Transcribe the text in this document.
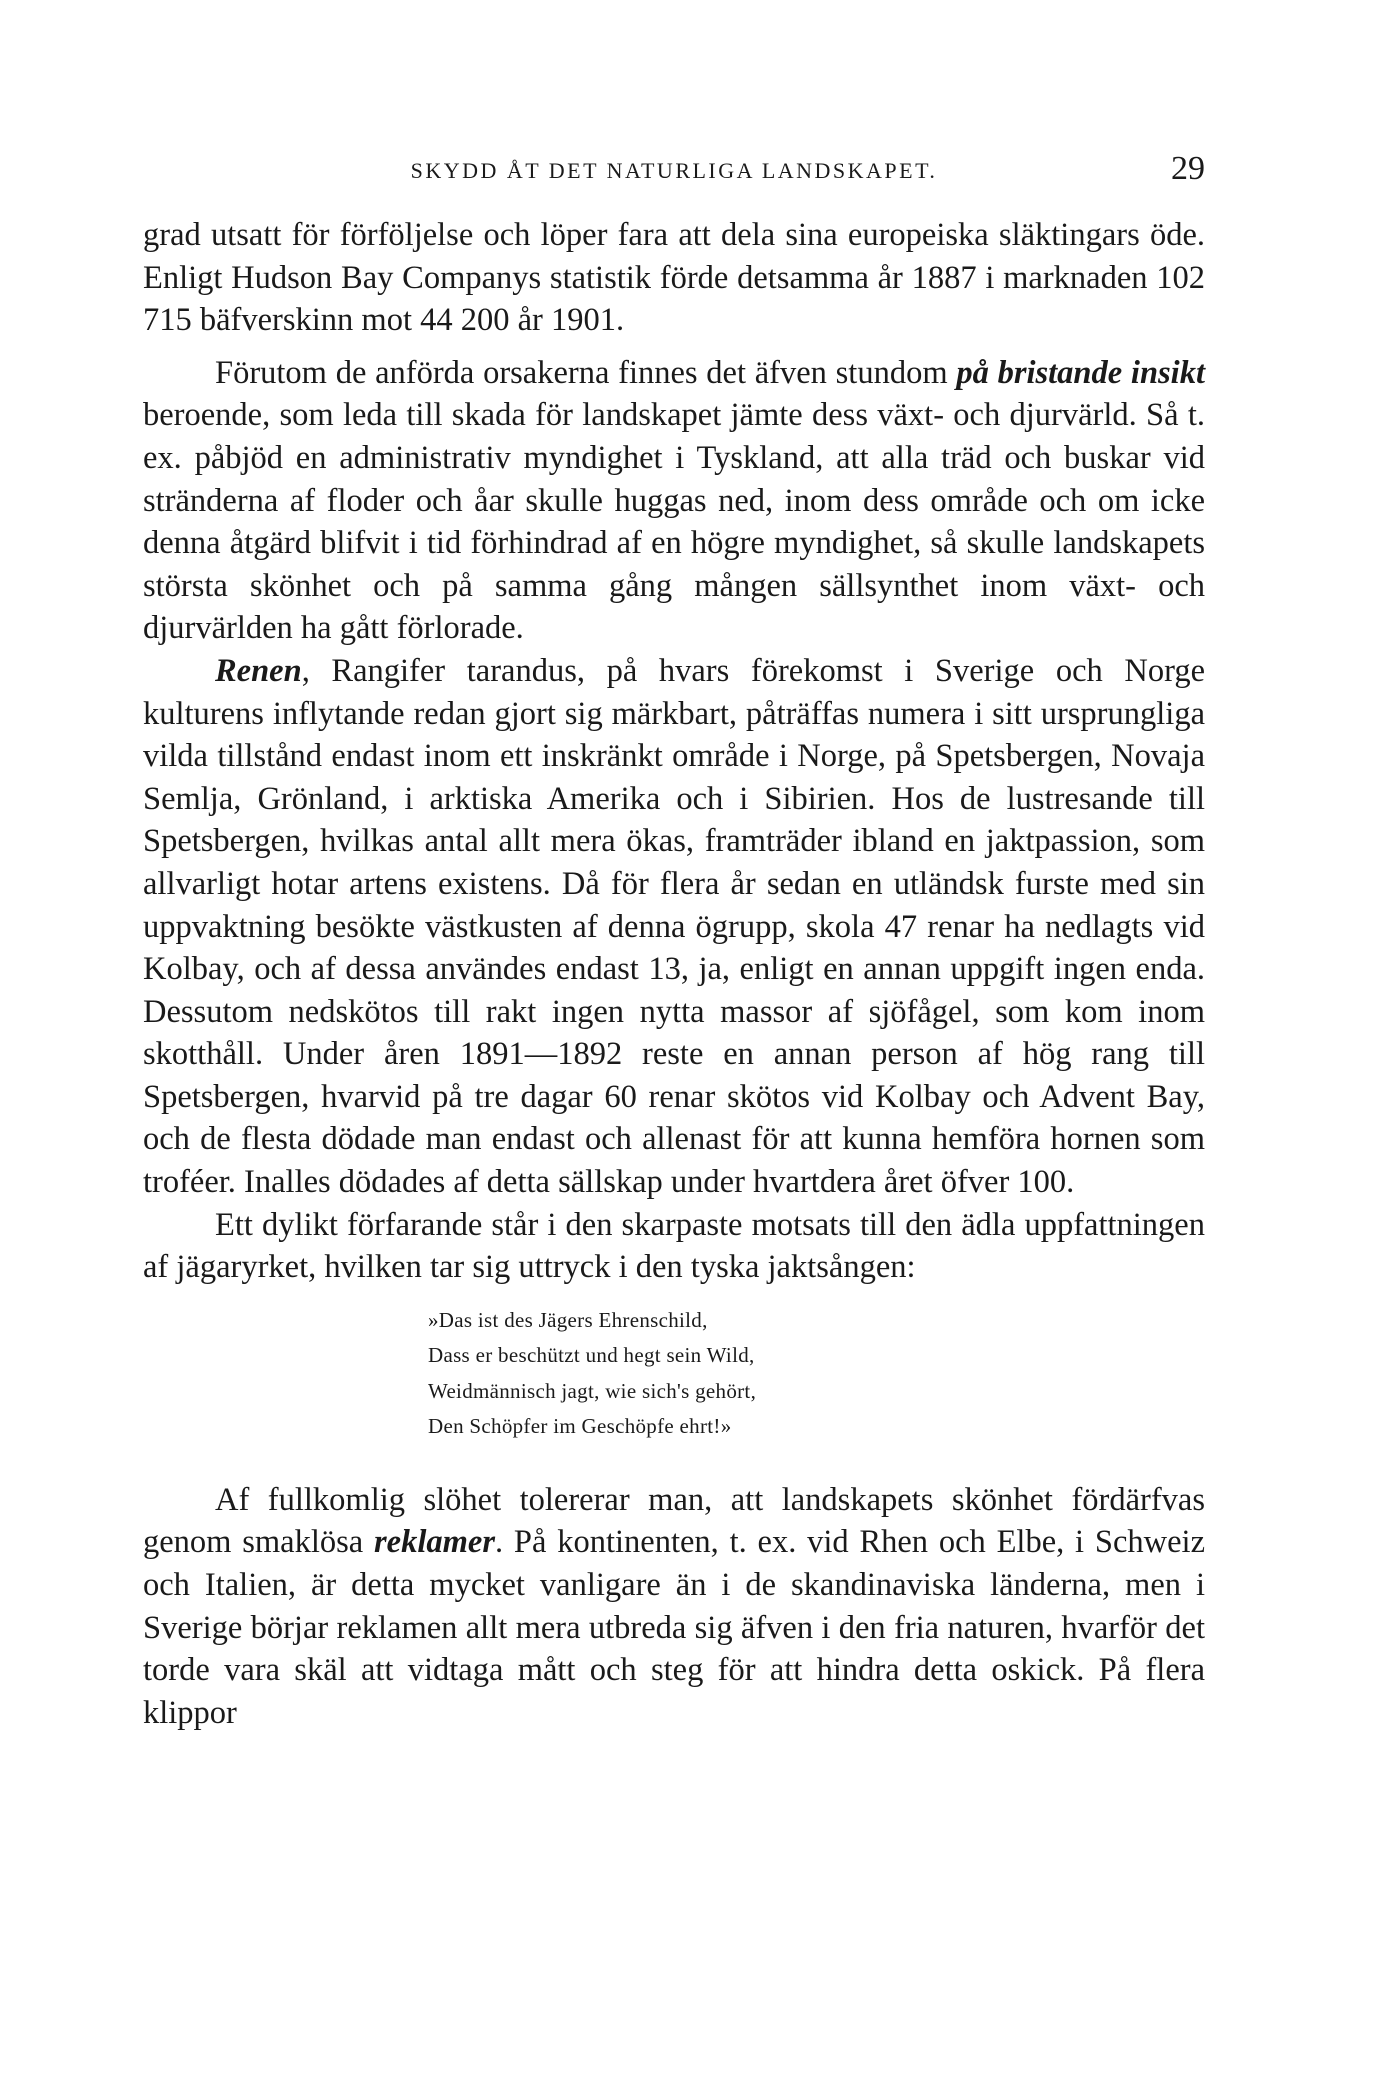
SKYDD ÅT DET NATURLIGA LANDSKAPET.	29

grad utsatt för förföljelse och löper fara att dela sina europeiska släktingars öde. Enligt Hudson Bay Companys statistik förde detsamma år 1887 i marknaden 102 715 bäfverskinn mot 44 200 år 1901.

Förutom de anförda orsakerna finnes det äfven stundom på bristande insikt beroende, som leda till skada för landskapet jämte dess växt- och djurvärld. Så t. ex. påbjöd en administrativ myndighet i Tyskland, att alla träd och buskar vid stränderna af floder och åar skulle huggas ned, inom dess område och om icke denna åtgärd blifvit i tid förhindrad af en högre myndighet, så skulle landskapets största skönhet och på samma gång mången sällsynthet inom växt- och djurvärlden ha gått förlorade.

Renen, Rangifer tarandus, på hvars förekomst i Sverige och Norge kulturens inflytande redan gjort sig märkbart, påträffas numera i sitt ursprungliga vilda tillstånd endast inom ett inskränkt område i Norge, på Spetsbergen, Novaja Semlja, Grönland, i arktiska Amerika och i Sibirien. Hos de lustresande till Spetsbergen, hvilkas antal allt mera ökas, framträder ibland en jaktpassion, som allvarligt hotar artens existens. Då för flera år sedan en utländsk furste med sin uppvaktning besökte västkusten af denna ögrupp, skola 47 renar ha nedlagts vid Kolbay, och af dessa användes endast 13, ja, enligt en annan uppgift ingen enda. Dessutom nedskötos till rakt ingen nytta massor af sjöfågel, som kom inom skotthåll. Under åren 1891—1892 reste en annan person af hög rang till Spetsbergen, hvarvid på tre dagar 60 renar skötos vid Kolbay och Advent Bay, och de flesta dödade man endast och allenast för att kunna hemföra hornen som troféer. Inalles dödades af detta sällskap under hvartdera året öfver 100.

Ett dylikt förfarande står i den skarpaste motsats till den ädla uppfattningen af jägaryrket, hvilken tar sig uttryck i den tyska jaktsången:

»Das ist des Jägers Ehrenschild,
Dass er beschützt und hegt sein Wild,
Weidmännisch jagt, wie sich's gehört,
Den Schöpfer im Geschöpfe ehrt!»

Af fullkomlig slöhet tolererar man, att landskapets skönhet fördärfvas genom smaklösa reklamer. På kontinenten, t. ex. vid Rhen och Elbe, i Schweiz och Italien, är detta mycket vanligare än i de skandinaviska länderna, men i Sverige börjar reklamen allt mera utbreda sig äfven i den fria naturen, hvarför det torde vara skäl att vidtaga mått och steg för att hindra detta oskick. På flera klippor
